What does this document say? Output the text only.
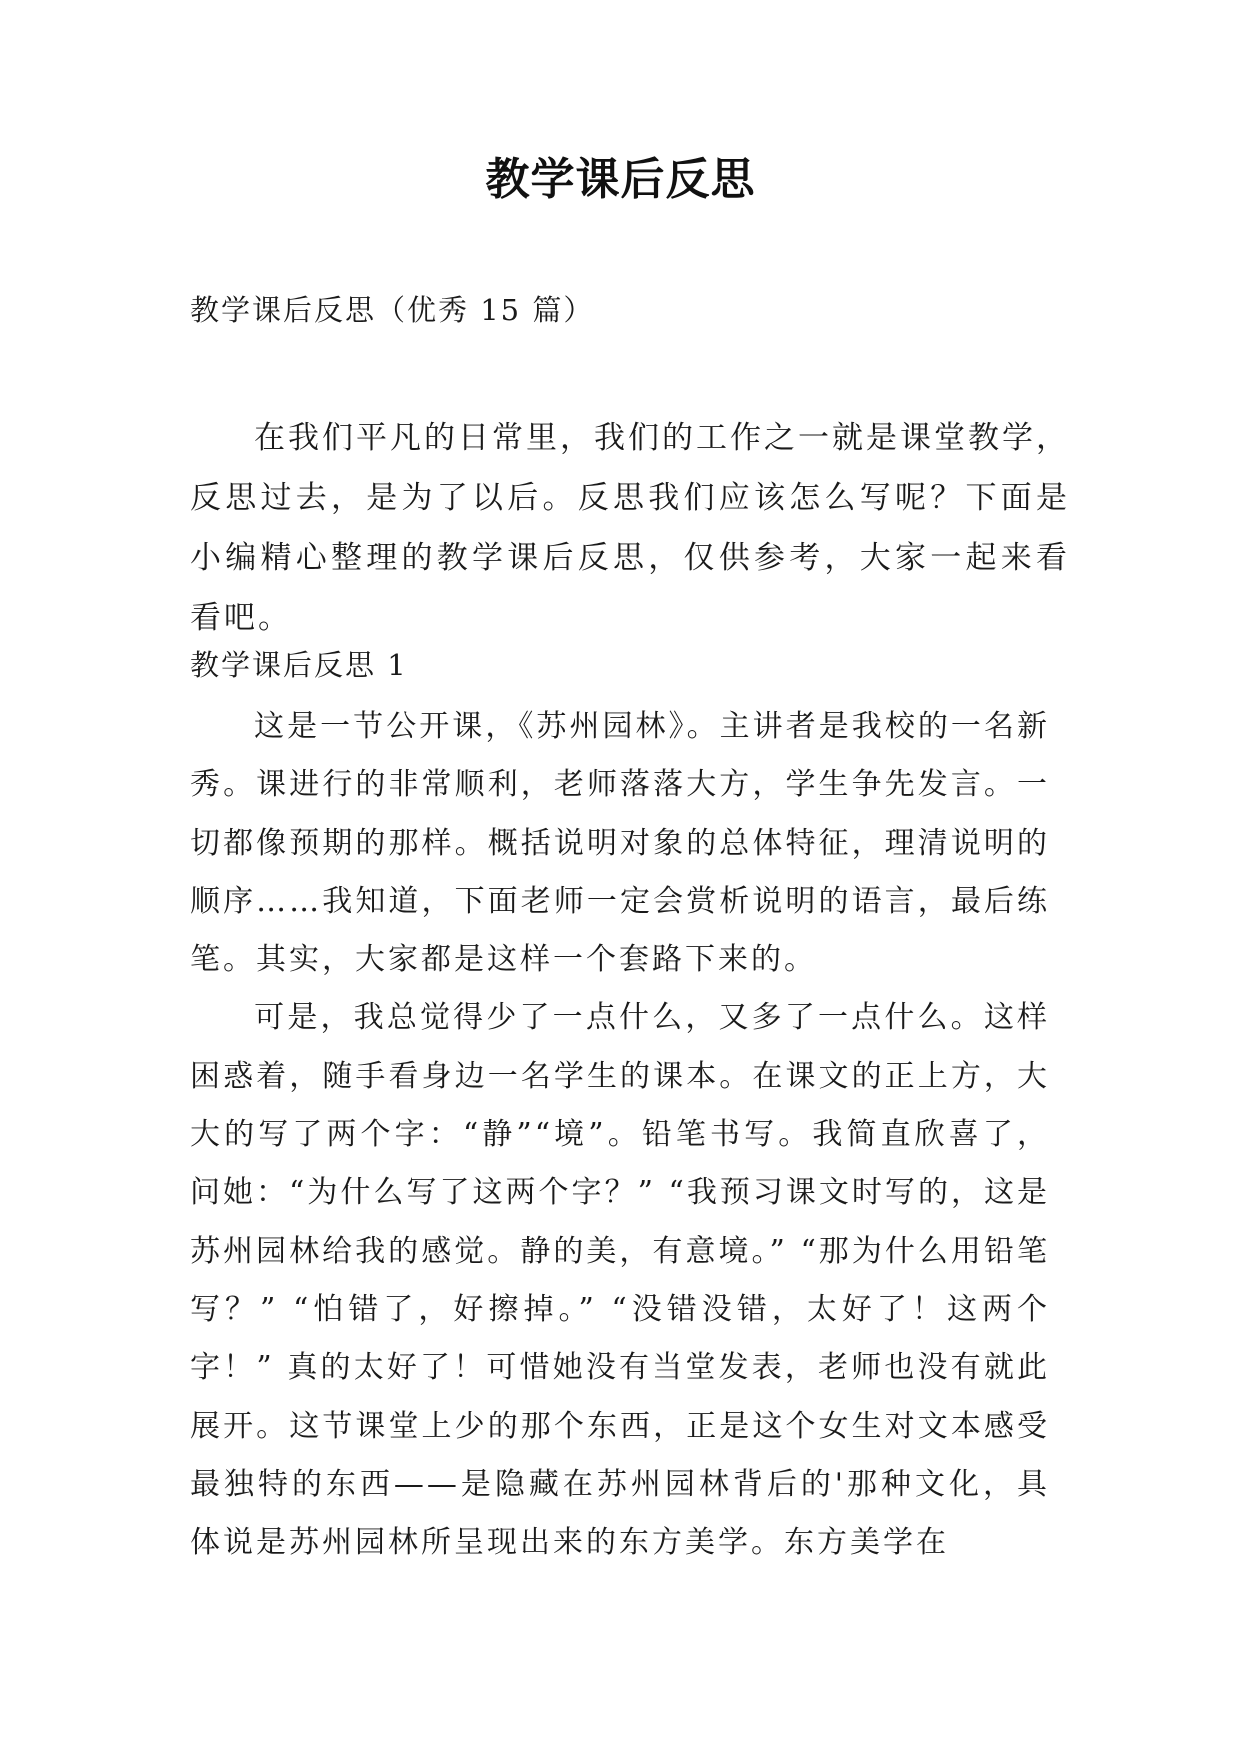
教学课后反思
教学课后反思（优秀 15 篇）

在我们平凡的日常里，我们的工作之一就是课堂教学，反思过去，是为了以后。反思我们应该怎么写呢？下面是小编精心整理的教学课后反思，仅供参考，大家一起来看看吧。

教学课后反思 1

这是一节公开课，《苏州园林》。主讲者是我校的一名新秀。课进行的非常顺利，老师落落大方，学生争先发言。一切都像预期的那样。概括说明对象的总体特征，理清说明的顺序……我知道，下面老师一定会赏析说明的语言，最后练笔。其实，大家都是这样一个套路下来的。

可是，我总觉得少了一点什么，又多了一点什么。这样困惑着，随手看身边一名学生的课本。在课文的正上方，大大的写了两个字：“静”“境”。铅笔书写。我简直欣喜了，问她：“为什么写了这两个字？” “我预习课文时写的，这是苏州园林给我的感觉。静的美，有意境。” “那为什么用铅笔写？” “怕错了，好擦掉。” “没错没错，太好了！这两个字！” 真的太好了！可惜她没有当堂发表，老师也没有就此展开。这节课堂上少的那个东西，正是这个女生对文本感受最独特的东西——是隐藏在苏州园林背后的'那种文化，具体说是苏州园林所呈现出来的东方美学。东方美学在
